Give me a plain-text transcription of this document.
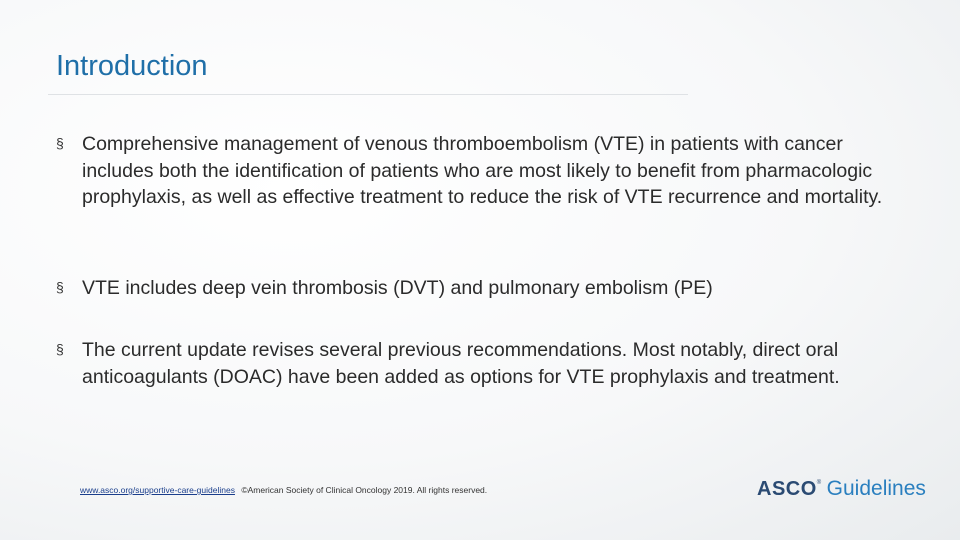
Introduction
§ Comprehensive management of venous thromboembolism (VTE) in patients with cancer includes both the identification of patients who are most likely to benefit from pharmacologic prophylaxis, as well as effective treatment to reduce the risk of VTE recurrence and mortality.
§ VTE includes deep vein thrombosis (DVT) and pulmonary embolism (PE)
§ The current update revises several previous recommendations. Most notably, direct oral anticoagulants (DOAC) have been added as options for VTE prophylaxis and treatment.
www.asco.org/supportive-care-guidelines ©American Society of Clinical Oncology 2019. All rights reserved.	ASCO® Guidelines
